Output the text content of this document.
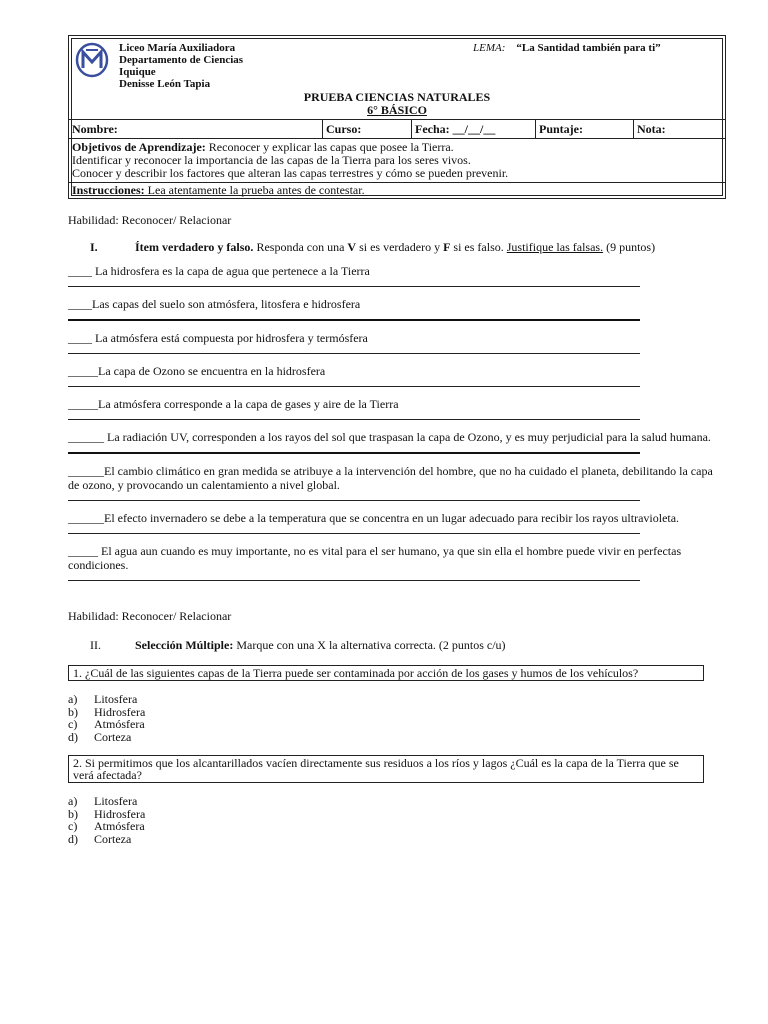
Liceo María Auxiliadora
Departamento de Ciencias
Iquique
Denisse León Tapia
LEMA: “La Santidad también para ti”
PRUEBA CIENCIAS NATURALES
6° BÁSICO
Nombre:	Curso:	Fecha: __/__/__	Puntaje:	Nota:
Objetivos de Aprendizaje: Reconocer y explicar las capas que posee la Tierra.
Identificar y reconocer la importancia de las capas de la Tierra para los seres vivos.
Conocer y describir los factores que alteran las capas terrestres y cómo se pueden prevenir.
Instrucciones: Lea atentamente la prueba antes de contestar.
Habilidad: Reconocer/ Relacionar
I.	Ítem verdadero y falso. Responda con una V si es verdadero y F si es falso. Justifique las falsas. (9 puntos)
____ La hidrosfera es la capa de agua que pertenece a la Tierra
____Las capas del suelo son atmósfera, litosfera e hidrosfera
____ La atmósfera está compuesta por hidrosfera y termósfera
_____La capa de Ozono se encuentra en la hidrosfera
_____La atmósfera corresponde a la capa de gases y aire de la Tierra
______ La radiación UV, corresponden a los rayos del sol que traspasan la capa de Ozono, y es muy perjudicial para la salud humana.
______El cambio climático en gran medida se atribuye a la intervención del hombre, que no ha cuidado el planeta, debilitando la capa de ozono, y provocando un calentamiento a nivel global.
______El efecto invernadero se debe a la temperatura que se concentra en un lugar adecuado para recibir los rayos ultravioleta.
_____ El agua aun cuando es muy importante, no es vital para el ser humano, ya que sin ella el hombre puede vivir en perfectas condiciones.
Habilidad: Reconocer/ Relacionar
II.	Selección Múltiple: Marque con una X la alternativa correcta. (2 puntos c/u)
1. ¿Cuál de las siguientes capas de la Tierra puede ser contaminada por acción de los gases y humos de los vehículos?
a)	Litosfera
b)	Hidrosfera
c)	Atmósfera
d)	Corteza
2. Si permitimos que los alcantarillados vacíen directamente sus residuos a los ríos y lagos ¿Cuál es la capa de la Tierra que se verá afectada?
a)	Litosfera
b)	Hidrosfera
c)	Atmósfera
d)	Corteza
